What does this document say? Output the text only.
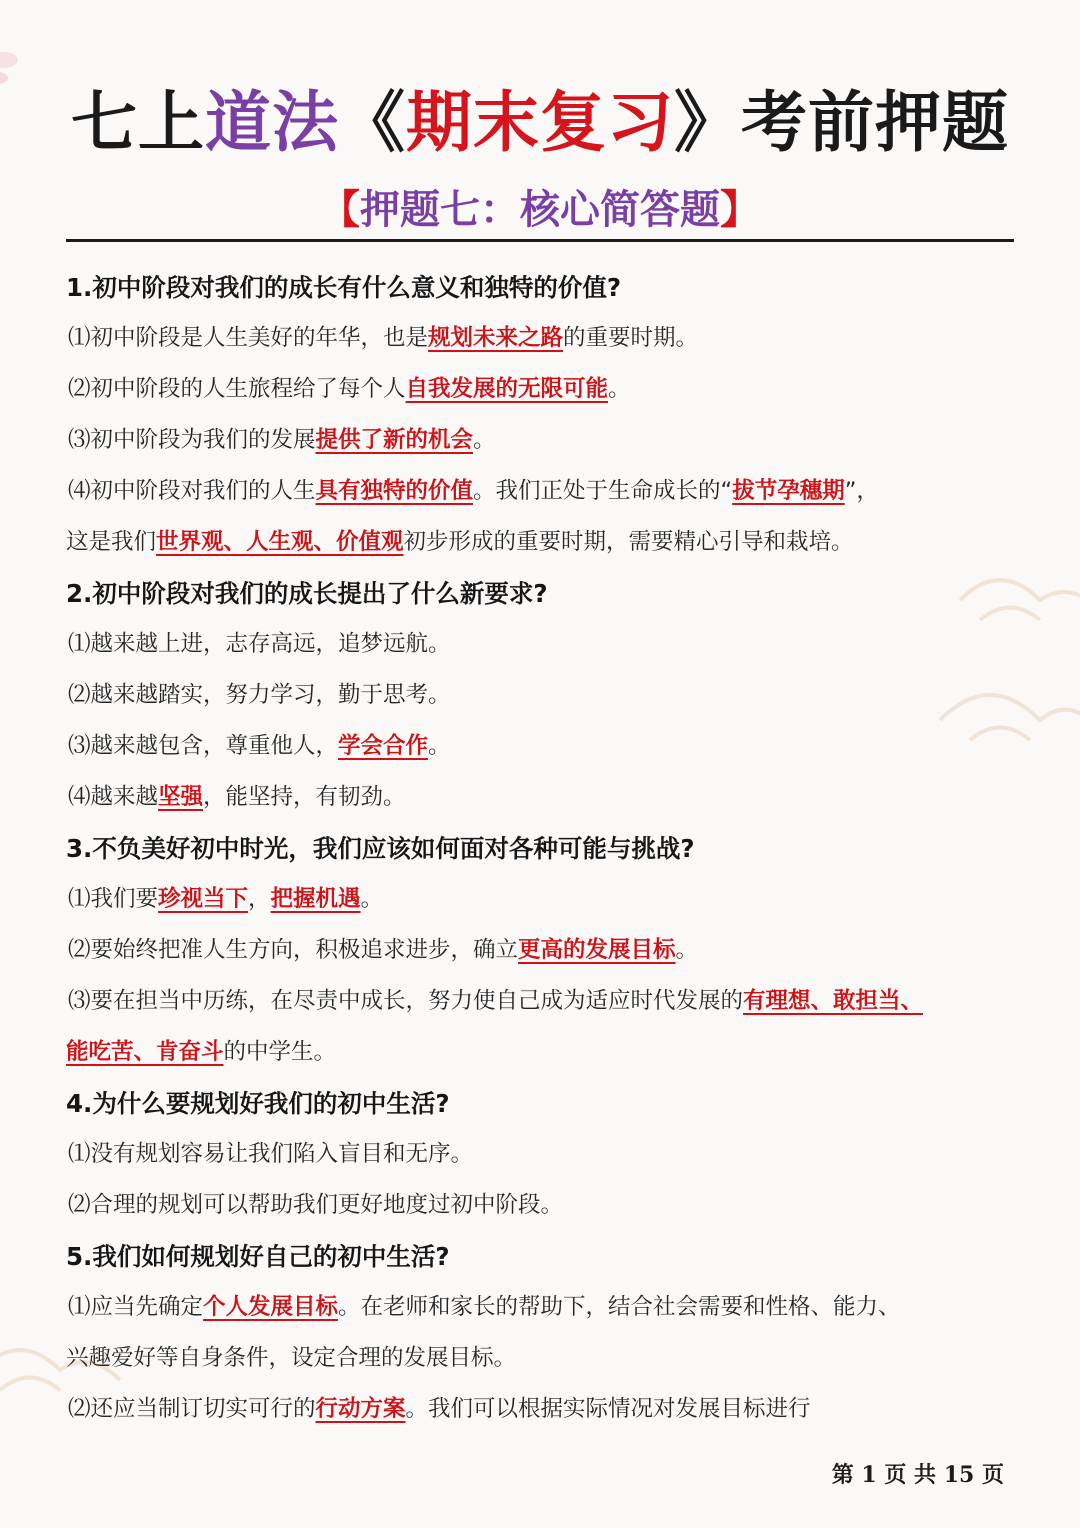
七上道法《期末复习》考前押题
【押题七：核心简答题】
1.初中阶段对我们的成长有什么意义和独特的价值?
⑴初中阶段是人生美好的年华，也是规划未来之路的重要时期。
⑵初中阶段的人生旅程给了每个人自我发展的无限可能。
⑶初中阶段为我们的发展提供了新的机会。
⑷初中阶段对我们的人生具有独特的价值。我们正处于生命成长的“拔节孕穗期”，
这是我们世界观、人生观、价值观初步形成的重要时期，需要精心引导和栽培。
2.初中阶段对我们的成长提出了什么新要求?
⑴越来越上进，志存高远，追梦远航。
⑵越来越踏实，努力学习，勤于思考。
⑶越来越包含，尊重他人，学会合作。
⑷越来越坚强，能坚持，有韧劲。
3.不负美好初中时光，我们应该如何面对各种可能与挑战?
⑴我们要珍视当下，把握机遇。
⑵要始终把准人生方向，积极追求进步，确立更高的发展目标。
⑶要在担当中历练，在尽责中成长，努力使自己成为适应时代发展的有理想、敢担当、
能吃苦、肯奋斗的中学生。
4.为什么要规划好我们的初中生活?
⑴没有规划容易让我们陷入盲目和无序。
⑵合理的规划可以帮助我们更好地度过初中阶段。
5.我们如何规划好自己的初中生活?
⑴应当先确定个人发展目标。在老师和家长的帮助下，结合社会需要和性格、能力、
兴趣爱好等自身条件，设定合理的发展目标。
⑵还应当制订切实可行的行动方案。我们可以根据实际情况对发展目标进行
第 1 页 共 15 页
